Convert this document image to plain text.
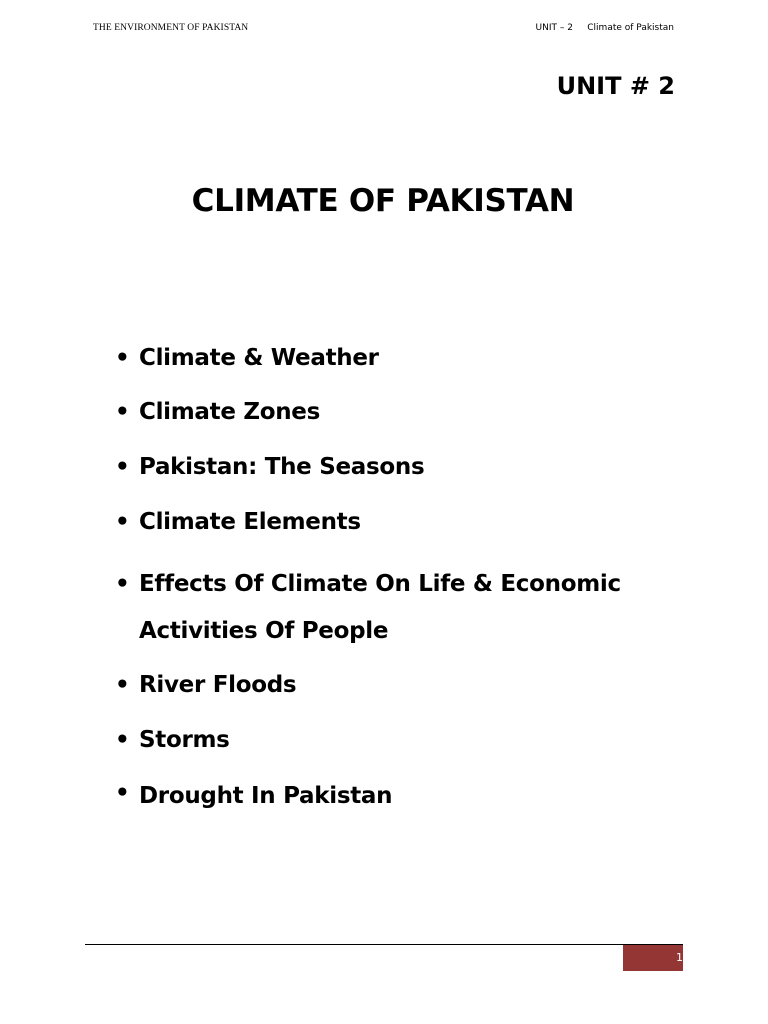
THE ENVIRONMENT OF PAKISTAN	UNIT – 2     Climate of Pakistan
UNIT # 2
CLIMATE OF PAKISTAN
• Climate & Weather
• Climate Zones
• Pakistan: The Seasons
• Climate Elements
• Effects Of Climate On Life & Economic Activities Of People
• River Floods
• Storms
• Drought In Pakistan
1
